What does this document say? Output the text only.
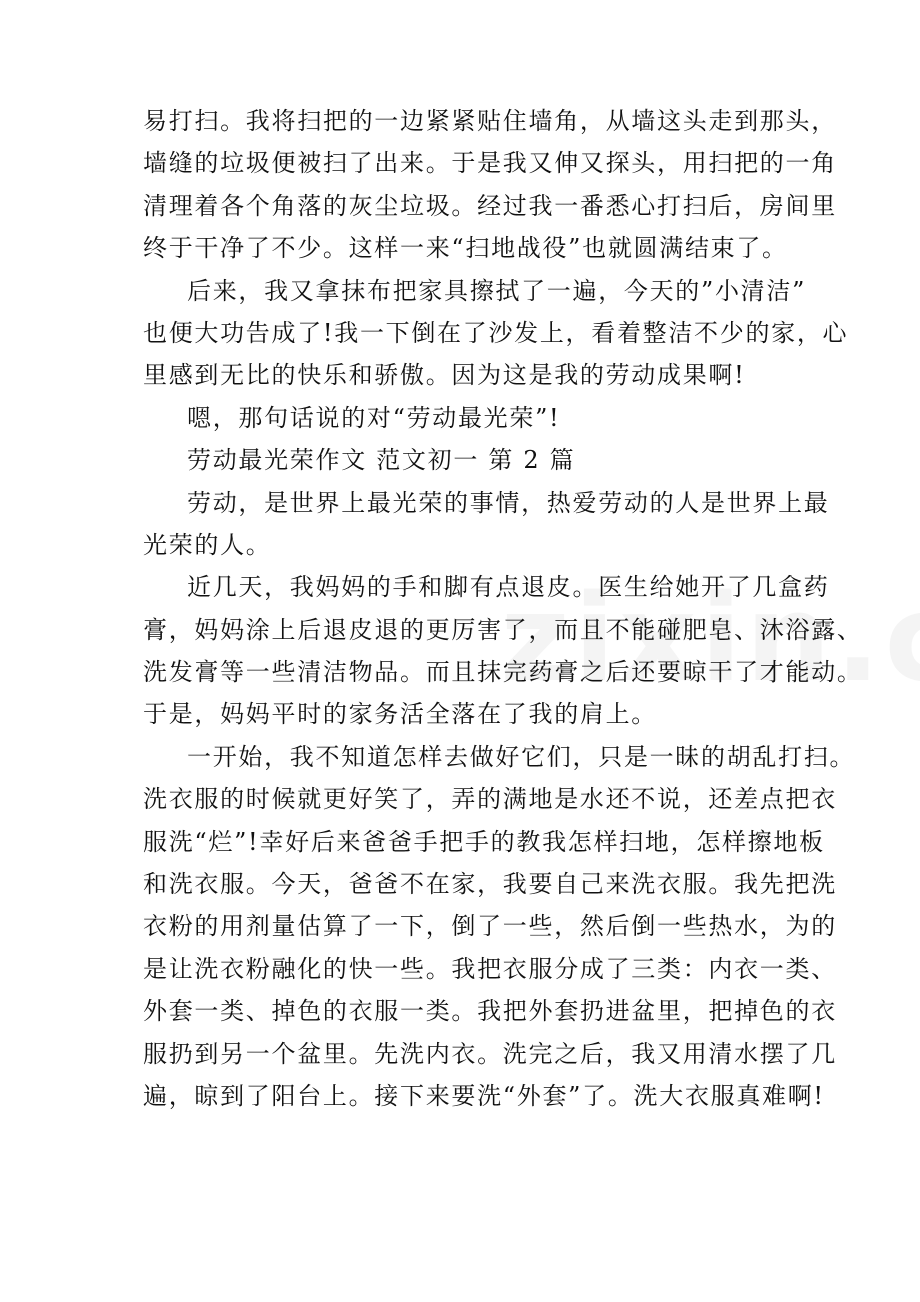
易打扫。我将扫把的一边紧紧贴住墙角，从墙这头走到那头，
墙缝的垃圾便被扫了出来。于是我又伸又探头，用扫把的一角
清理着各个角落的灰尘垃圾。经过我一番悉心打扫后，房间里
终于干净了不少。这样一来“扫地战役”也就圆满结束了。
后来，我又拿抹布把家具擦拭了一遍，今天的”小清洁”
也便大功告成了!我一下倒在了沙发上，看着整洁不少的家，心
里感到无比的快乐和骄傲。因为这是我的劳动成果啊!
嗯，那句话说的对“劳动最光荣”!
劳动最光荣作文 范文初一 第 2 篇
劳动，是世界上最光荣的事情，热爱劳动的人是世界上最
光荣的人。
近几天，我妈妈的手和脚有点退皮。医生给她开了几盒药
膏，妈妈涂上后退皮退的更厉害了，而且不能碰肥皂、沐浴露、
洗发膏等一些清洁物品。而且抹完药膏之后还要晾干了才能动。
于是，妈妈平时的家务活全落在了我的肩上。
一开始，我不知道怎样去做好它们，只是一昧的胡乱打扫。
洗衣服的时候就更好笑了，弄的满地是水还不说，还差点把衣
服洗“烂”!幸好后来爸爸手把手的教我怎样扫地，怎样擦地板
和洗衣服。今天，爸爸不在家，我要自己来洗衣服。我先把洗
衣粉的用剂量估算了一下，倒了一些，然后倒一些热水，为的
是让洗衣粉融化的快一些。我把衣服分成了三类：内衣一类、
外套一类、掉色的衣服一类。我把外套扔进盆里，把掉色的衣
服扔到另一个盆里。先洗内衣。洗完之后，我又用清水摆了几
遍，晾到了阳台上。接下来要洗“外套”了。洗大衣服真难啊!
